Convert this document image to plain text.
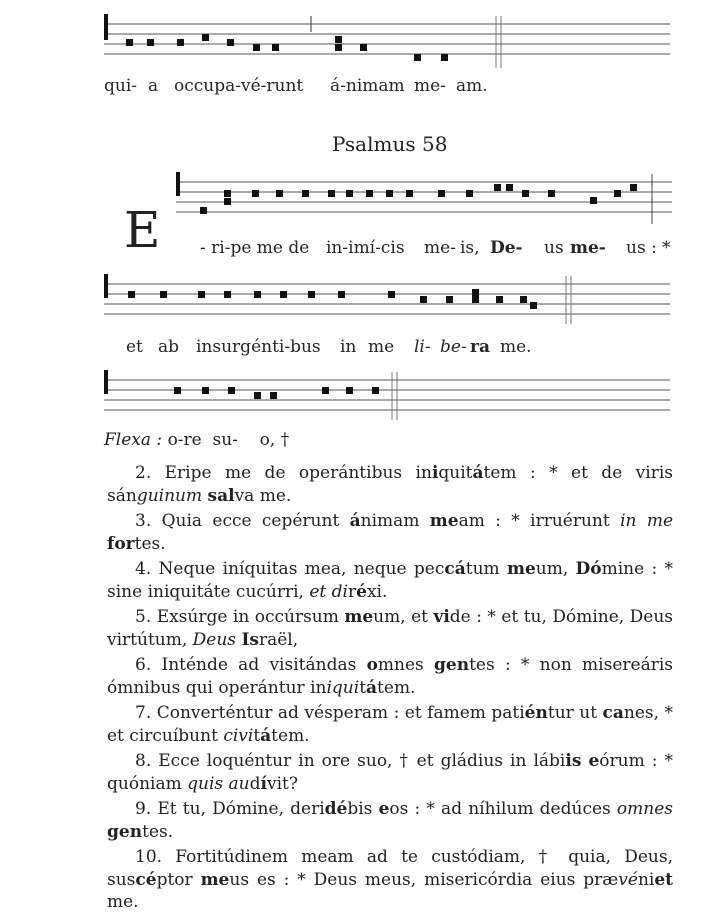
qui- a occupa-vé-runt á-nimam me- am.
Psalmus 58
E - ri-pe me de in-imí-cis me- is, De- us me- us : *
et ab insurgénti-bus in me li- be- ra me.
Flexa : o-re  su-    o, †

2. Eripe me de operántibus iniquitátem : * et de viris sánguinum salva me.

3. Quia ecce cepérunt ánimam meam : * irruérunt in me fortes.

4. Neque iníquitas mea, neque peccátum meum, Dómine : * sine iniquitáte cucúrri, et diréxi.

5. Exsúrge in occúrsum meum, et vide : * et tu, Dómine, Deus virtútum, Deus Israël,

6. Inténde ad visitándas omnes gentes : * non misereáris ómnibus qui operántur iniquitátem.

7. Converténtur ad vésperam : et famem patiéntur ut canes, * et circuíbunt civitátem.

8. Ecce loquéntur in ore suo, † et gládius in lábiis eórum : * quóniam quis audívit?

9. Et tu, Dómine, deridébis eos : * ad níhilum dedúces omnes gentes.

10. Fortitúdinem meam ad te custódiam, † quia, Deus, suscéptor meus es : * Deus meus, misericórdia eius prævéniet me.
